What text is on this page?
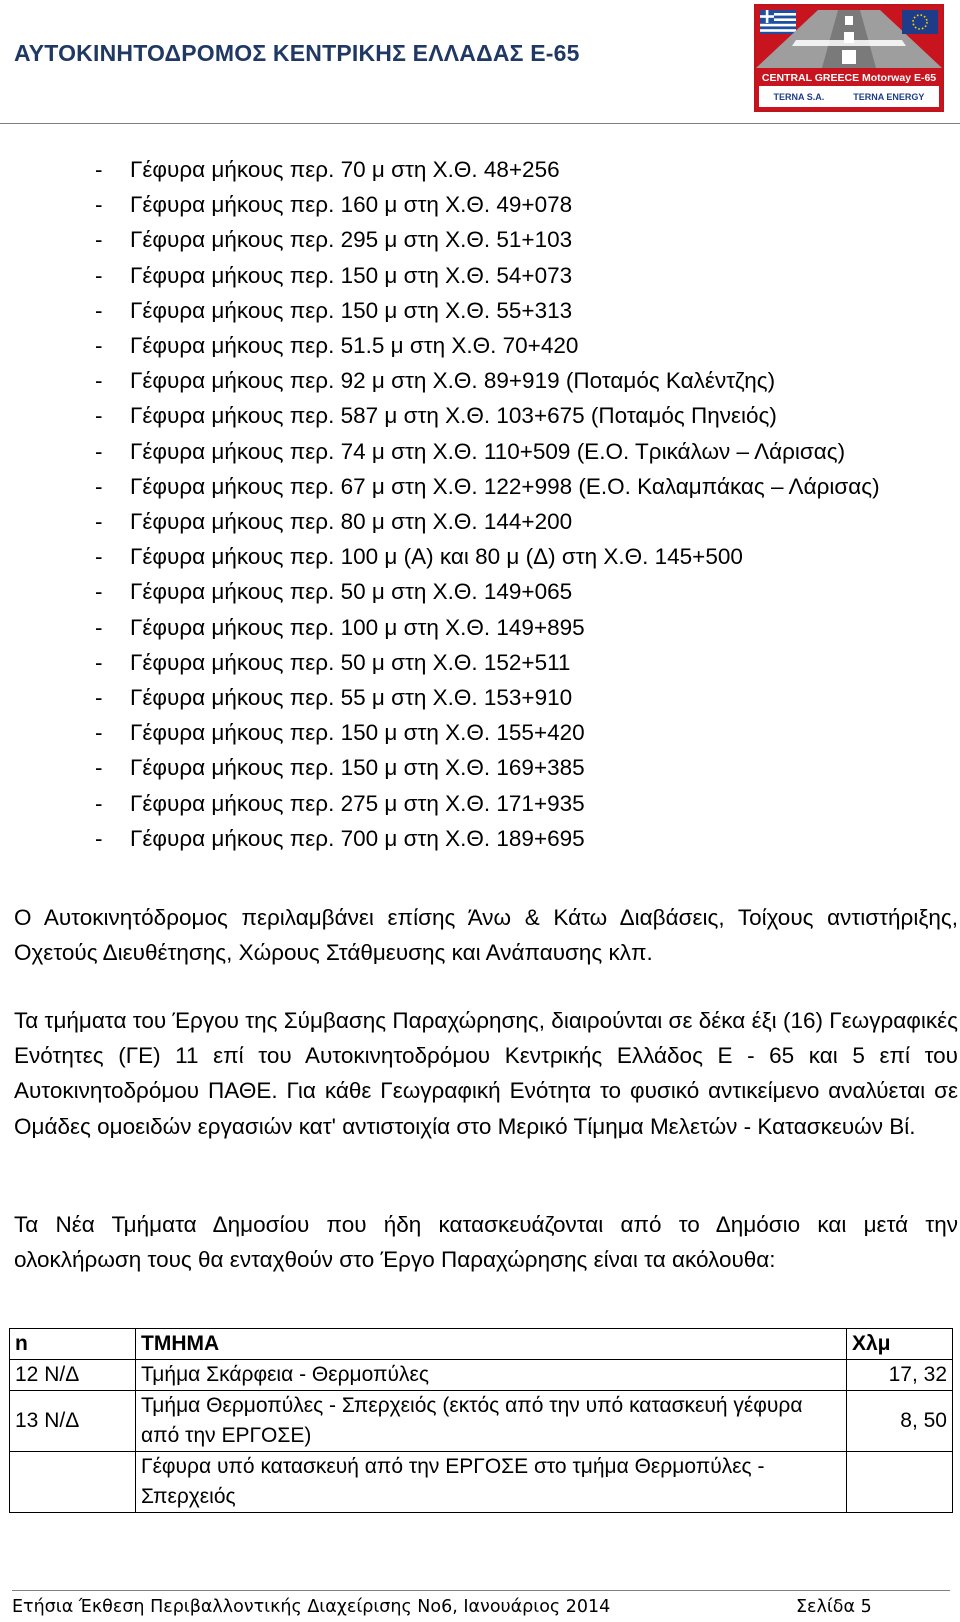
ΑΥΤΟΚΙΝΗΤΟΔΡΟΜΟΣ ΚΕΝΤΡΙΚΗΣ ΕΛΛΑΔΑΣ Ε-65
CENTRAL GREECE Motorway E-65
TERNA S.A.	TERNA ENERGY
- Γέφυρα μήκους περ. 70 μ στη Χ.Θ. 48+256
- Γέφυρα μήκους περ. 160 μ στη Χ.Θ. 49+078
- Γέφυρα μήκους περ. 295 μ στη Χ.Θ. 51+103
- Γέφυρα μήκους περ. 150 μ στη Χ.Θ. 54+073
- Γέφυρα μήκους περ. 150 μ στη Χ.Θ. 55+313
- Γέφυρα μήκους περ. 51.5 μ στη Χ.Θ. 70+420
- Γέφυρα μήκους περ. 92 μ στη Χ.Θ. 89+919 (Ποταμός Καλέντζης)
- Γέφυρα μήκους περ. 587 μ στη Χ.Θ. 103+675 (Ποταμός Πηνειός)
- Γέφυρα μήκους περ. 74 μ στη Χ.Θ. 110+509 (Ε.Ο. Τρικάλων – Λάρισας)
- Γέφυρα μήκους περ. 67 μ στη Χ.Θ. 122+998 (Ε.Ο. Καλαμπάκας – Λάρισας)
- Γέφυρα μήκους περ. 80 μ στη Χ.Θ. 144+200
- Γέφυρα μήκους περ. 100 μ (Α) και 80 μ (Δ) στη Χ.Θ. 145+500
- Γέφυρα μήκους περ. 50 μ στη Χ.Θ. 149+065
- Γέφυρα μήκους περ. 100 μ στη Χ.Θ. 149+895
- Γέφυρα μήκους περ. 50 μ στη Χ.Θ. 152+511
- Γέφυρα μήκους περ. 55 μ στη Χ.Θ. 153+910
- Γέφυρα μήκους περ. 150 μ στη Χ.Θ. 155+420
- Γέφυρα μήκους περ. 150 μ στη Χ.Θ. 169+385
- Γέφυρα μήκους περ. 275 μ στη Χ.Θ. 171+935
- Γέφυρα μήκους περ. 700 μ στη Χ.Θ. 189+695

Ο Αυτοκινητόδρομος περιλαμβάνει επίσης Άνω & Κάτω Διαβάσεις, Τοίχους αντιστήριξης, Οχετούς Διευθέτησης, Χώρους Στάθμευσης και Ανάπαυσης κλπ.

Τα τμήματα του Έργου της Σύμβασης Παραχώρησης, διαιρούνται σε δέκα έξι (16) Γεωγραφικές Ενότητες (ΓΕ) 11 επί του Αυτοκινητοδρόμου Κεντρικής Ελλάδος Ε - 65 και 5 επί του Αυτοκινητοδρόμου ΠΑΘΕ. Για κάθε Γεωγραφική Ενότητα το φυσικό αντικείμενο αναλύεται σε Ομάδες ομοειδών εργασιών κατ' αντιστοιχία στο Μερικό Τίμημα Μελετών - Κατασκευών Βί.

Τα Νέα Τμήματα Δημοσίου που ήδη κατασκευάζονται από το Δημόσιο και μετά την ολοκλήρωση τους θα ενταχθούν στο Έργο Παραχώρησης είναι τα ακόλουθα:

n	ΤΜΗΜΑ	Χλμ
12 Ν/Δ	Τμήμα Σκάρφεια - Θερμοπύλες	17, 32
13 Ν/Δ	Τμήμα Θερμοπύλες - Σπερχειός (εκτός από την υπό κατασκευή γέφυρα από την ΕΡΓΟΣΕ)	8, 50
	Γέφυρα υπό κατασκευή από την ΕΡΓΟΣΕ στο τμήμα Θερμοπύλες - Σπερχειός	
Ετήσια Έκθεση Περιβαλλοντικής Διαχείρισης Νο6, Ιανουάριος 2014	Σελίδα 5
